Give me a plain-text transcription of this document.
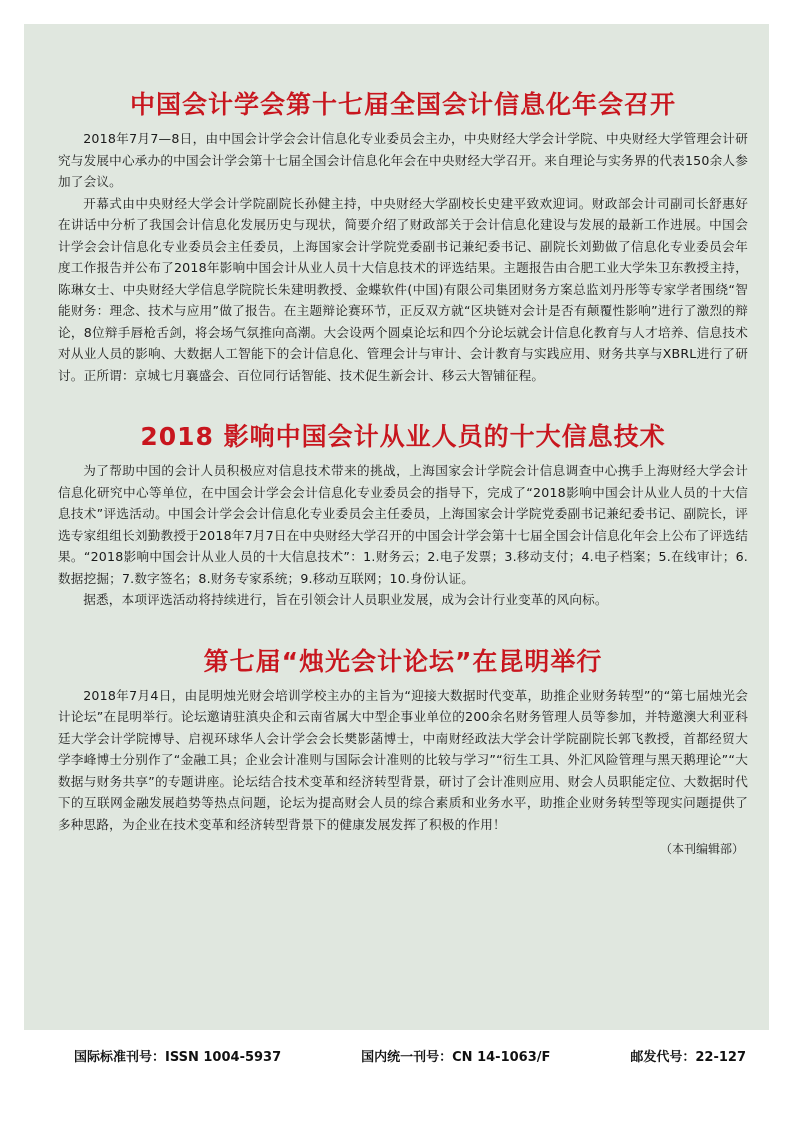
中国会计学会第十七届全国会计信息化年会召开

2018年7月7—8日，由中国会计学会会计信息化专业委员会主办，中央财经大学会计学院、中央财经大学管理会计研究与发展中心承办的中国会计学会第十七届全国会计信息化年会在中央财经大学召开。来自理论与实务界的代表150余人参加了会议。

开幕式由中央财经大学会计学院副院长孙健主持，中央财经大学副校长史建平致欢迎词。财政部会计司副司长舒惠好在讲话中分析了我国会计信息化发展历史与现状，简要介绍了财政部关于会计信息化建设与发展的最新工作进展。中国会计学会会计信息化专业委员会主任委员，上海国家会计学院党委副书记兼纪委书记、副院长刘勤做了信息化专业委员会年度工作报告并公布了2018年影响中国会计从业人员十大信息技术的评选结果。主题报告由合肥工业大学朱卫东教授主持，陈琳女士、中央财经大学信息学院院长朱建明教授、金蝶软件(中国)有限公司集团财务方案总监刘丹彤等专家学者围绕“智能财务：理念、技术与应用”做了报告。在主题辩论赛环节，正反双方就“区块链对会计是否有颠覆性影响”进行了激烈的辩论，8位辩手唇枪舌剑，将会场气氛推向高潮。大会设两个圆桌论坛和四个分论坛就会计信息化教育与人才培养、信息技术对从业人员的影响、大数据人工智能下的会计信息化、管理会计与审计、会计教育与实践应用、财务共享与XBRL进行了研讨。正所谓：京城七月襄盛会、百位同行话智能、技术促生新会计、移云大智铺征程。

2018 影响中国会计从业人员的十大信息技术

为了帮助中国的会计人员积极应对信息技术带来的挑战，上海国家会计学院会计信息调查中心携手上海财经大学会计信息化研究中心等单位，在中国会计学会会计信息化专业委员会的指导下，完成了“2018影响中国会计从业人员的十大信息技术”评选活动。中国会计学会会计信息化专业委员会主任委员，上海国家会计学院党委副书记兼纪委书记、副院长，评选专家组组长刘勤教授于2018年7月7日在中央财经大学召开的中国会计学会第十七届全国会计信息化年会上公布了评选结果。“2018影响中国会计从业人员的十大信息技术”：1.财务云；2.电子发票；3.移动支付；4.电子档案；5.在线审计；6.数据挖掘；7.数字签名；8.财务专家系统；9.移动互联网；10.身份认证。

据悉，本项评选活动将持续进行，旨在引领会计人员职业发展，成为会计行业变革的风向标。

第七届“烛光会计论坛”在昆明举行

2018年7月4日，由昆明烛光财会培训学校主办的主旨为“迎接大数据时代变革，助推企业财务转型”的“第七届烛光会计论坛”在昆明举行。论坛邀请驻滇央企和云南省属大中型企事业单位的200余名财务管理人员等参加，并特邀澳大利亚科廷大学会计学院博导、启视环球华人会计学会会长樊影菡博士，中南财经政法大学会计学院副院长郭飞教授，首都经贸大学李峰博士分别作了“金融工具；企业会计准则与国际会计准则的比较与学习”“衍生工具、外汇风险管理与黑天鹅理论”“大数据与财务共享”的专题讲座。论坛结合技术变革和经济转型背景，研讨了会计准则应用、财会人员职能定位、大数据时代下的互联网金融发展趋势等热点问题，论坛为提高财会人员的综合素质和业务水平，助推企业财务转型等现实问题提供了多种思路，为企业在技术变革和经济转型背景下的健康发展发挥了积极的作用！

（本刊编辑部）
国际标准刊号：ISSN 1004-5937	国内统一刊号：CN 14-1063/F	邮发代号：22-127
